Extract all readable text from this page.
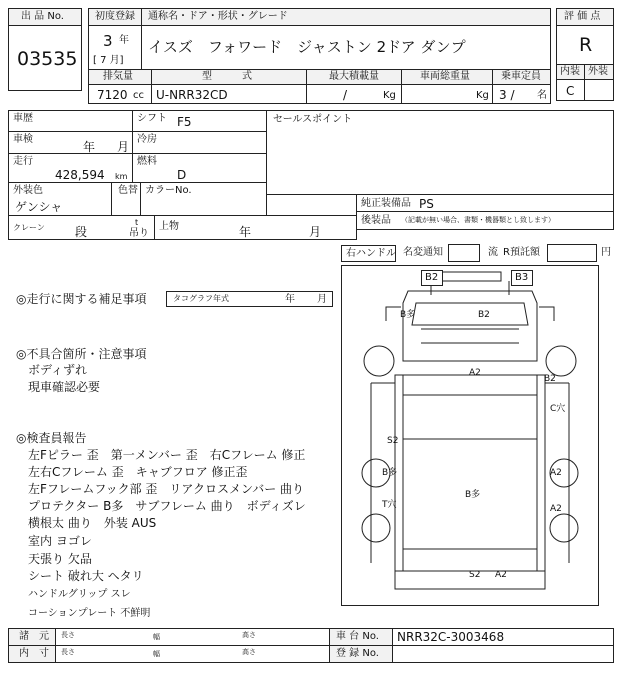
出 品 No.
03535
初度登録
3 年
[ 7 月]
通称名・ドア・形状・グレード
イスズ　フォワード　ジャストン 2ドア ダンプ
評 価 点
R
内装 外装
C
排気量
7120 cc
型　　　式
U-NRR32CD
最大積載量
/	Kg
車両総重量
Kg
乗車定員
3 / 名
車歴	シフト F5
車検
年 月
冷房
走行
428,594 km
燃料
D
外装色
ゲンシャ
色替 カラーNo.
セールスポイント
純正装備品 PS
後装品 （記載が無い場合、書類・機器類とし致します）
クレーン	段
t
吊り
上物	年	月
右ハンドル 名変通知	流 R預託額	円
タコグラフ年式	年 月
◎走行に関する補足事項
◎不具合箇所・注意事項
ボディずれ
現車確認必要
◎検査員報告
左Fピラー 歪　第一メンバー 歪　右Cフレーム 修正
左右Cフレーム 歪　キャブフロア 修正歪
左Fフレームフック部 歪　リアクロスメンバー 曲り
プロテクター B多　サブフレーム 曲り　ボディズレ
横根太 曲り　外装 AUS
室内 ヨゴレ
天張り 欠品
シート 破れ大 ヘタリ
ハンドルグリップ スレ
コーションプレート 不鮮明
B多	B2
A2
B2
C穴
S2
B多
B多
T穴
A2
A2
S2 A2
B2	B3
諸　元
内　寸
長さ	幅	高さ
長さ	幅	高さ
車 台 No. NRR32C-3003468
登 録 No.
